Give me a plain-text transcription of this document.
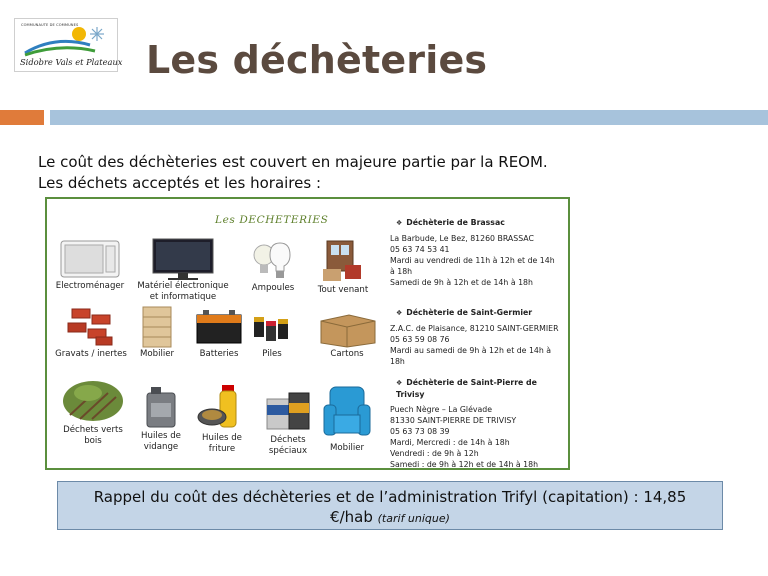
COMMUNAUTE DE COMMUNES
Sidobre Vals et Plateaux Les déchèteries
Le coût des déchèteries est couvert en majeure partie par la REOM.
Les déchets acceptés et les horaires :
Les DECHETERIES
Electroménager	Matériel électronique
et informatique
Ampoules	Tout venant
Gravats / inertes	Mobilier	Batteries	Piles	Cartons
Déchets verts
bois	Huiles de
vidange
Huiles de
friture
Déchets
spéciaux	Mobilier
❖ Déchèterie de Brassac
La Barbude, Le Bez, 81260 BRASSAC
05 63 74 53 41
Mardi au vendredi de 11h à 12h et de 14h
à 18h
Samedi de 9h à 12h et de 14h à 18h
❖ Déchèterie de Saint-Germier
Z.A.C. de Plaisance, 81210 SAINT-GERMIER
05 63 59 08 76
Mardi au samedi de 9h à 12h et de 14h à
18h
❖ Déchèterie de Saint-Pierre de Trivisy
Puech Nègre – La Glévade
81330 SAINT-PIERRE DE TRIVISY
05 63 73 08 39
Mardi, Mercredi : de 14h à 18h
Vendredi : de 9h à 12h
Samedi : de 9h à 12h et de 14h à 18h
Rappel du coût des déchèteries et de l’administration Trifyl (capitation) : 14,85
€/hab (tarif unique)
